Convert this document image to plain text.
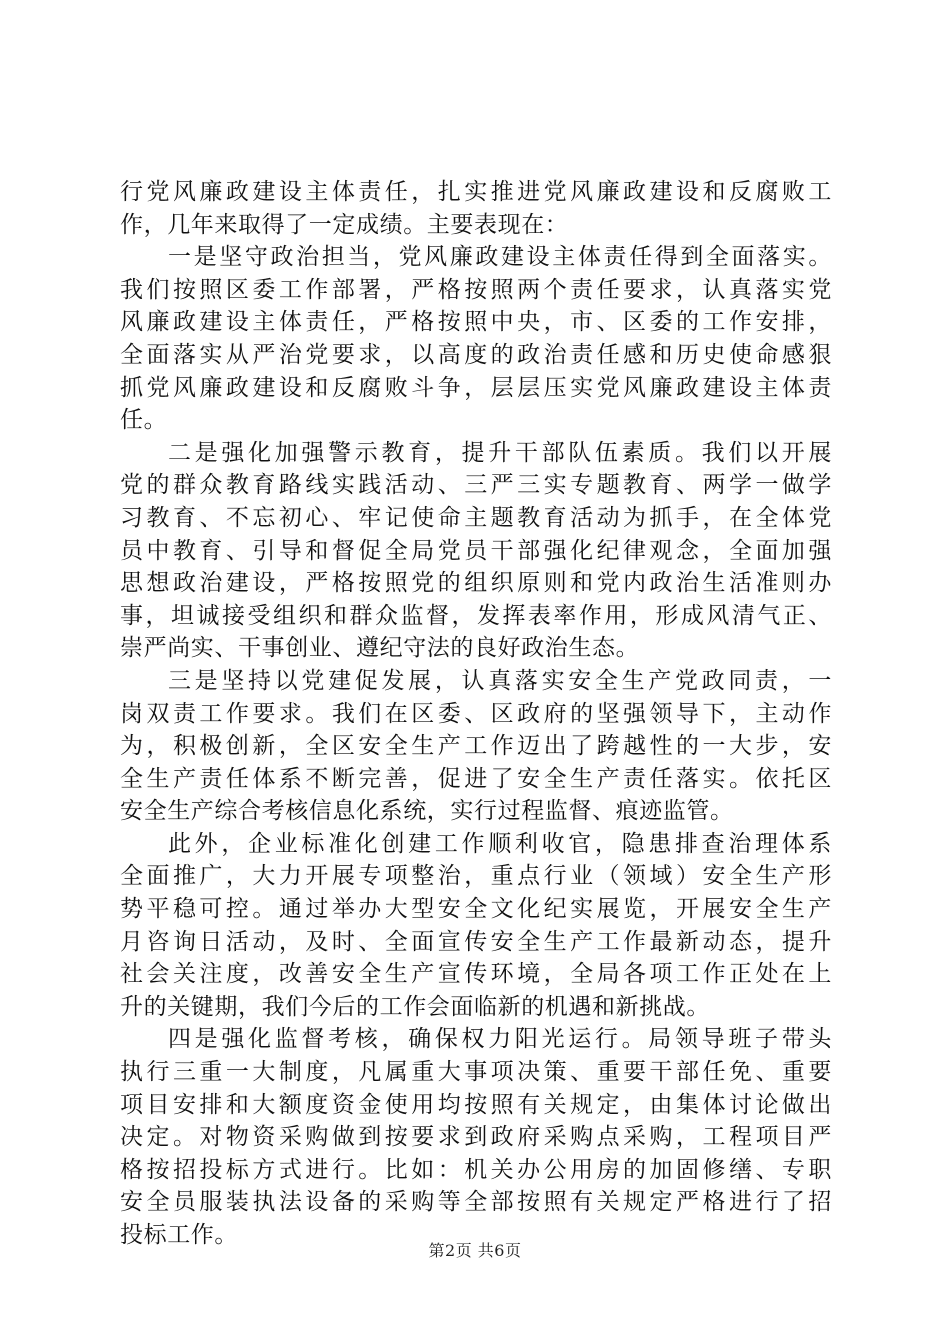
行党风廉政建设主体责任，扎实推进党风廉政建设和反腐败工
作，几年来取得了一定成绩。主要表现在：
一是坚守政治担当，党风廉政建设主体责任得到全面落实。
我们按照区委工作部署，严格按照两个责任要求，认真落实党
风廉政建设主体责任，严格按照中央，市、区委的工作安排，
全面落实从严治党要求，以高度的政治责任感和历史使命感狠
抓党风廉政建设和反腐败斗争，层层压实党风廉政建设主体责
任。
二是强化加强警示教育，提升干部队伍素质。我们以开展
党的群众教育路线实践活动、三严三实专题教育、两学一做学
习教育、不忘初心、牢记使命主题教育活动为抓手，在全体党
员中教育、引导和督促全局党员干部强化纪律观念，全面加强
思想政治建设，严格按照党的组织原则和党内政治生活准则办
事，坦诚接受组织和群众监督，发挥表率作用，形成风清气正、
崇严尚实、干事创业、遵纪守法的良好政治生态。
三是坚持以党建促发展，认真落实安全生产党政同责，一
岗双责工作要求。我们在区委、区政府的坚强领导下，主动作
为，积极创新，全区安全生产工作迈出了跨越性的一大步，安
全生产责任体系不断完善，促进了安全生产责任落实。依托区
安全生产综合考核信息化系统，实行过程监督、痕迹监管。
此外，企业标准化创建工作顺利收官，隐患排查治理体系
全面推广，大力开展专项整治，重点行业（领域）安全生产形
势平稳可控。通过举办大型安全文化纪实展览，开展安全生产
月咨询日活动，及时、全面宣传安全生产工作最新动态，提升
社会关注度，改善安全生产宣传环境，全局各项工作正处在上
升的关键期，我们今后的工作会面临新的机遇和新挑战。
四是强化监督考核，确保权力阳光运行。局领导班子带头
执行三重一大制度，凡属重大事项决策、重要干部任免、重要
项目安排和大额度资金使用均按照有关规定，由集体讨论做出
决定。对物资采购做到按要求到政府采购点采购，工程项目严
格按招投标方式进行。比如：机关办公用房的加固修缮、专职
安全员服装执法设备的采购等全部按照有关规定严格进行了招
投标工作。
第2页 共6页
